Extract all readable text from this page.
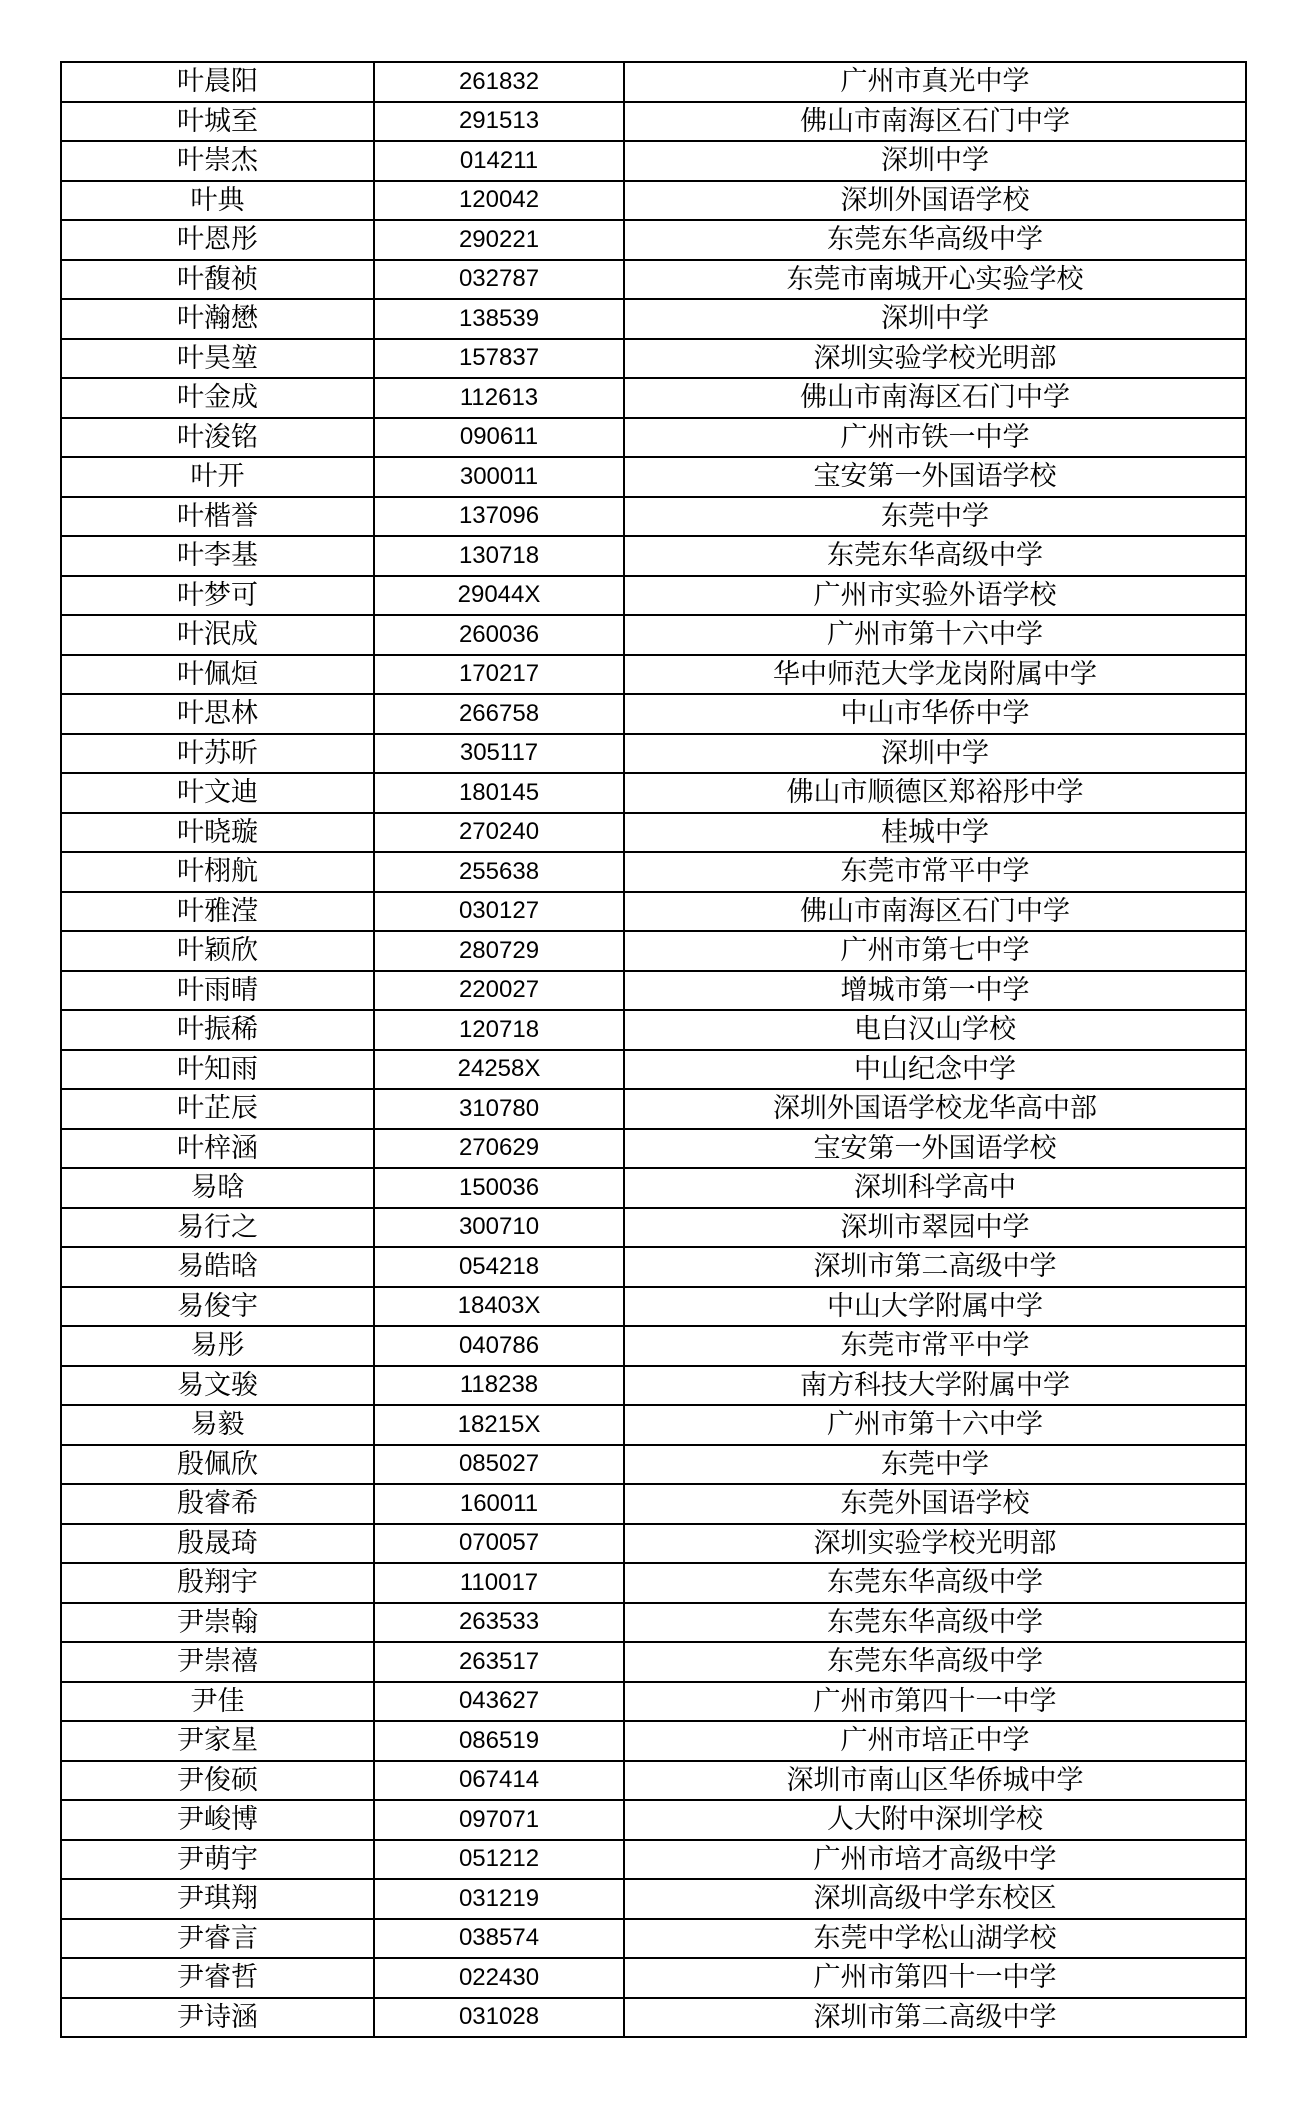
叶晨阳	261832	广州市真光中学
叶城至	291513	佛山市南海区石门中学
叶崇杰	014211	深圳中学
叶典	120042	深圳外国语学校
叶恩彤	290221	东莞东华高级中学
叶馥祯	032787	东莞市南城开心实验学校
叶瀚懋	138539	深圳中学
叶昊堃	157837	深圳实验学校光明部
叶金成	112613	佛山市南海区石门中学
叶浚铭	090611	广州市铁一中学
叶开	300011	宝安第一外国语学校
叶楷誉	137096	东莞中学
叶李基	130718	东莞东华高级中学
叶梦可	29044X	广州市实验外语学校
叶泯成	260036	广州市第十六中学
叶佩烜	170217	华中师范大学龙岗附属中学
叶思林	266758	中山市华侨中学
叶苏昕	305117	深圳中学
叶文迪	180145	佛山市顺德区郑裕彤中学
叶晓璇	270240	桂城中学
叶栩航	255638	东莞市常平中学
叶雅滢	030127	佛山市南海区石门中学
叶颖欣	280729	广州市第七中学
叶雨晴	220027	增城市第一中学
叶振稀	120718	电白汉山学校
叶知雨	24258X	中山纪念中学
叶芷辰	310780	深圳外国语学校龙华高中部
叶梓涵	270629	宝安第一外国语学校
易晗	150036	深圳科学高中
易行之	300710	深圳市翠园中学
易皓晗	054218	深圳市第二高级中学
易俊宇	18403X	中山大学附属中学
易彤	040786	东莞市常平中学
易文骏	118238	南方科技大学附属中学
易毅	18215X	广州市第十六中学
殷佩欣	085027	东莞中学
殷睿希	160011	东莞外国语学校
殷晟琦	070057	深圳实验学校光明部
殷翔宇	110017	东莞东华高级中学
尹崇翰	263533	东莞东华高级中学
尹崇禧	263517	东莞东华高级中学
尹佳	043627	广州市第四十一中学
尹家星	086519	广州市培正中学
尹俊硕	067414	深圳市南山区华侨城中学
尹峻博	097071	人大附中深圳学校
尹萌宇	051212	广州市培才高级中学
尹琪翔	031219	深圳高级中学东校区
尹睿言	038574	东莞中学松山湖学校
尹睿哲	022430	广州市第四十一中学
尹诗涵	031028	深圳市第二高级中学
